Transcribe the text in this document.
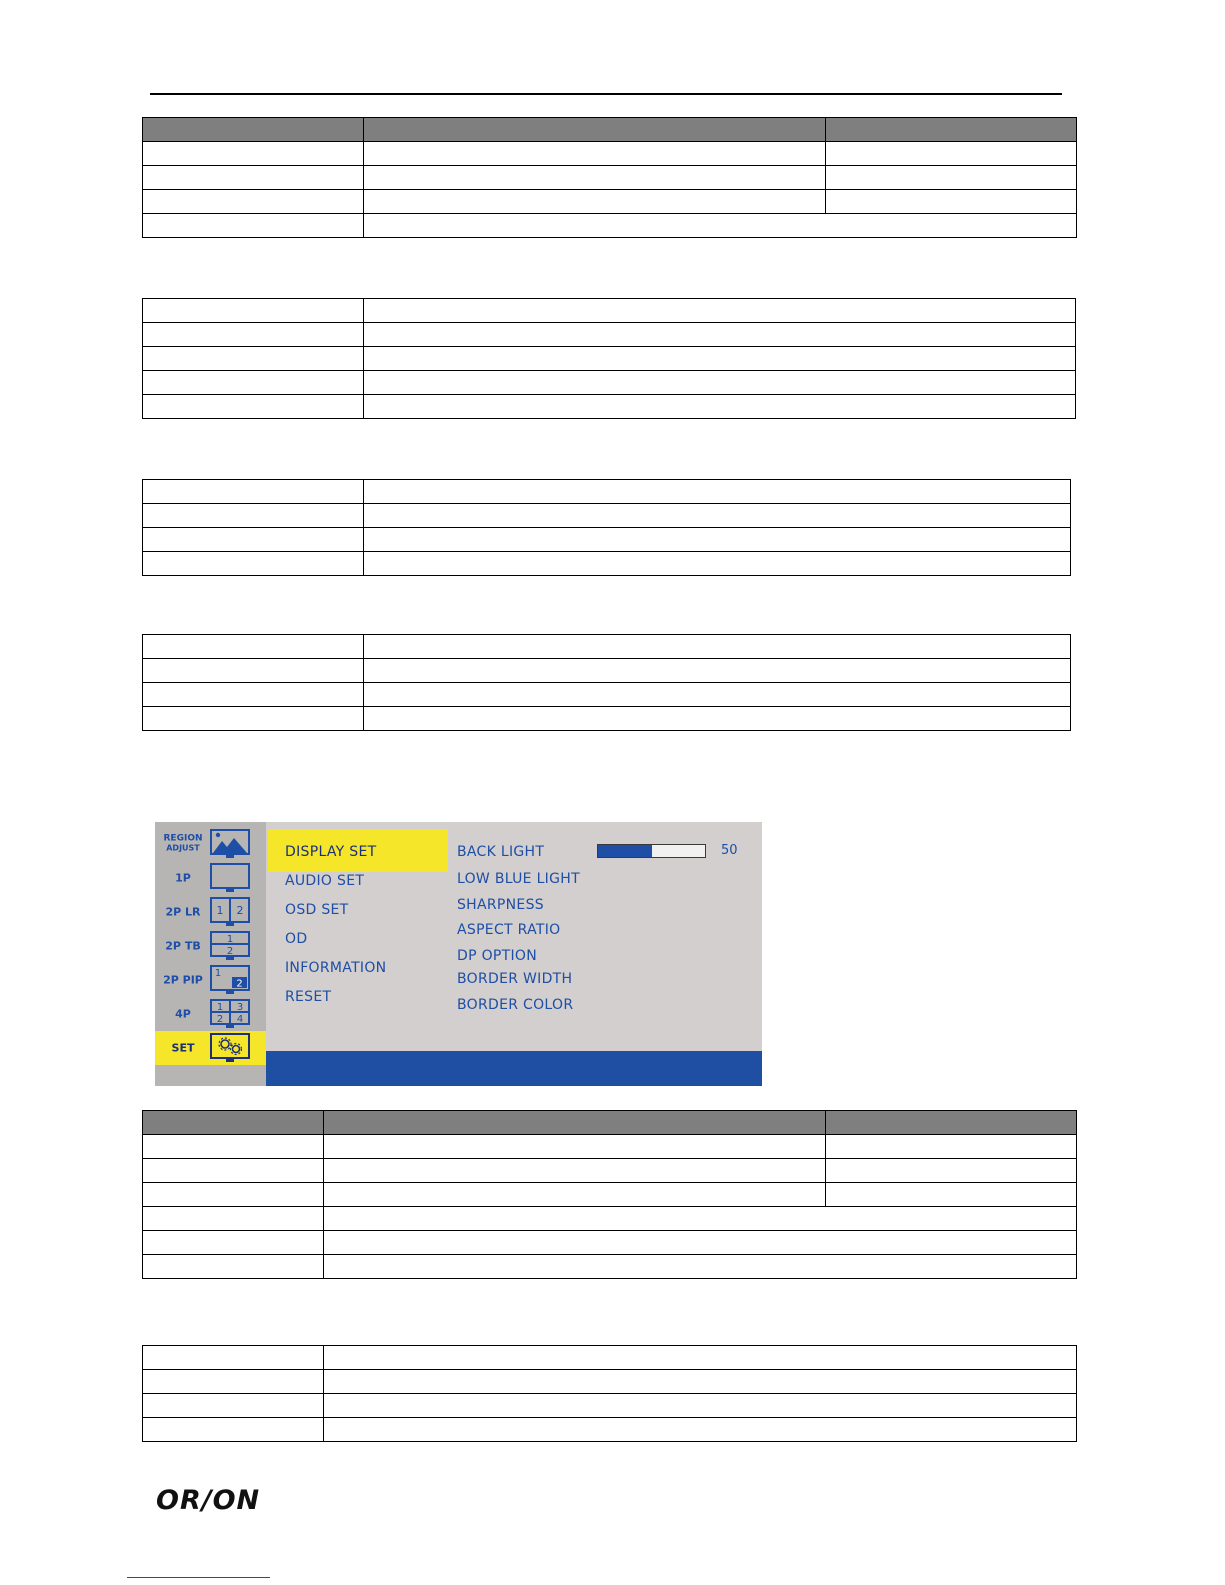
REGION
ADJUST
1P
2P LR	1 2
2P TB	1
2
2P PIP	1
2
4P	1 3
2 4
SET
DISPLAY SET
AUDIO SET
OSD SET
OD
INFORMATION
RESET
BACK LIGHT	50
LOW BLUE LIGHT
SHARPNESS
ASPECT RATIO
DP OPTION
BORDER WIDTH
BORDER COLOR

OR/ON
